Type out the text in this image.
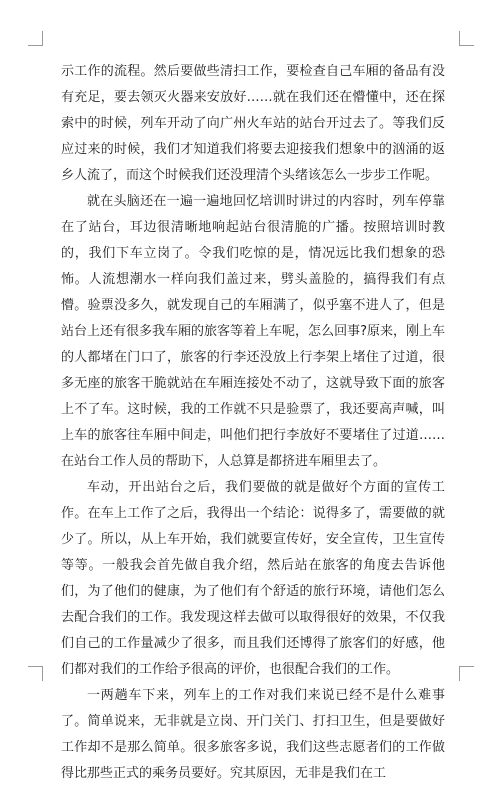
示工作的流程。然后要做些清扫工作，要检查自己车厢的备品有没有充足，要去领灭火器来安放好……就在我们还在懵懂中，还在探索中的时候，列车开动了向广州火车站的站台开过去了。等我们反应过来的时候，我们才知道我们将要去迎接我们想象中的汹涌的返乡人流了，而这个时候我们还没理清个头绪该怎么一步步工作呢。

就在头脑还在一遍一遍地回忆培训时讲过的内容时，列车停靠在了站台，耳边很清晰地响起站台很清脆的广播。按照培训时教的，我们下车立岗了。令我们吃惊的是，情况远比我们想象的恐怖。人流想潮水一样向我们盖过来，劈头盖脸的，搞得我们有点懵。验票没多久，就发现自己的车厢满了，似乎塞不进人了，但是站台上还有很多我车厢的旅客等着上车呢，怎么回事?原来，刚上车的人都堵在门口了，旅客的行李还没放上行李架上堵住了过道，很多无座的旅客干脆就站在车厢连接处不动了，这就导致下面的旅客上不了车。这时候，我的工作就不只是验票了，我还要高声喊，叫上车的旅客往车厢中间走，叫他们把行李放好不要堵住了过道……在站台工作人员的帮助下，人总算是都挤进车厢里去了。

车动，开出站台之后，我们要做的就是做好个方面的宣传工作。在车上工作了之后，我得出一个结论：说得多了，需要做的就少了。所以，从上车开始，我们就要宣传好，安全宣传，卫生宣传等等。一般我会首先做自我介绍，然后站在旅客的角度去告诉他们，为了他们的健康，为了他们有个舒适的旅行环境，请他们怎么去配合我们的工作。我发现这样去做可以取得很好的效果，不仅我们自己的工作量减少了很多，而且我们还博得了旅客们的好感，他们都对我们的工作给予很高的评价，也很配合我们的工作。

一两趟车下来，列车上的工作对我们来说已经不是什么难事了。简单说来，无非就是立岗、开门关门、打扫卫生，但是要做好工作却不是那么简单。很多旅客多说，我们这些志愿者们的工作做得比那些正式的乘务员要好。究其原因，无非是我们在工
